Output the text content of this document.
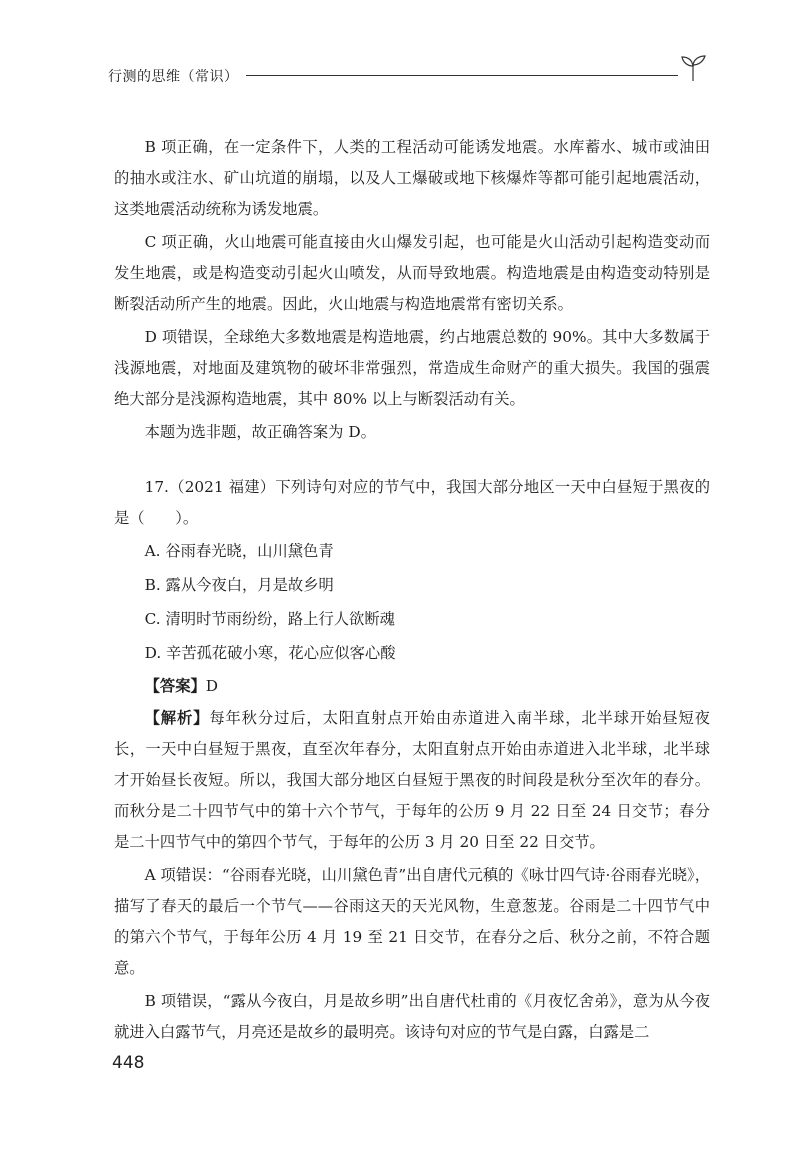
行测的思维（常识）

B 项正确，在一定条件下，人类的工程活动可能诱发地震。水库蓄水、城市或油田的抽水或注水、矿山坑道的崩塌，以及人工爆破或地下核爆炸等都可能引起地震活动，这类地震活动统称为诱发地震。

C 项正确，火山地震可能直接由火山爆发引起，也可能是火山活动引起构造变动而发生地震，或是构造变动引起火山喷发，从而导致地震。构造地震是由构造变动特别是断裂活动所产生的地震。因此，火山地震与构造地震常有密切关系。

D 项错误，全球绝大多数地震是构造地震，约占地震总数的 90%。其中大多数属于浅源地震，对地面及建筑物的破坏非常强烈，常造成生命财产的重大损失。我国的强震绝大部分是浅源构造地震，其中 80% 以上与断裂活动有关。

本题为选非题，故正确答案为 D。

17.（2021 福建）下列诗句对应的节气中，我国大部分地区一天中白昼短于黑夜的是（　　）。

A. 谷雨春光晓，山川黛色青

B. 露从今夜白，月是故乡明

C. 清明时节雨纷纷，路上行人欲断魂

D. 辛苦孤花破小寒，花心应似客心酸

【答案】D

【解析】每年秋分过后，太阳直射点开始由赤道进入南半球，北半球开始昼短夜长，一天中白昼短于黑夜，直至次年春分，太阳直射点开始由赤道进入北半球，北半球才开始昼长夜短。所以，我国大部分地区白昼短于黑夜的时间段是秋分至次年的春分。而秋分是二十四节气中的第十六个节气，于每年的公历 9 月 22 日至 24 日交节；春分是二十四节气中的第四个节气，于每年的公历 3 月 20 日至 22 日交节。

A 项错误：“谷雨春光晓，山川黛色青”出自唐代元稹的《咏廿四气诗·谷雨春光晓》，描写了春天的最后一个节气——谷雨这天的天光风物，生意葱茏。谷雨是二十四节气中的第六个节气，于每年公历 4 月 19 至 21 日交节，在春分之后、秋分之前，不符合题意。

B 项错误，“露从今夜白，月是故乡明”出自唐代杜甫的《月夜忆舍弟》，意为从今夜就进入白露节气，月亮还是故乡的最明亮。该诗句对应的节气是白露，白露是二

448
